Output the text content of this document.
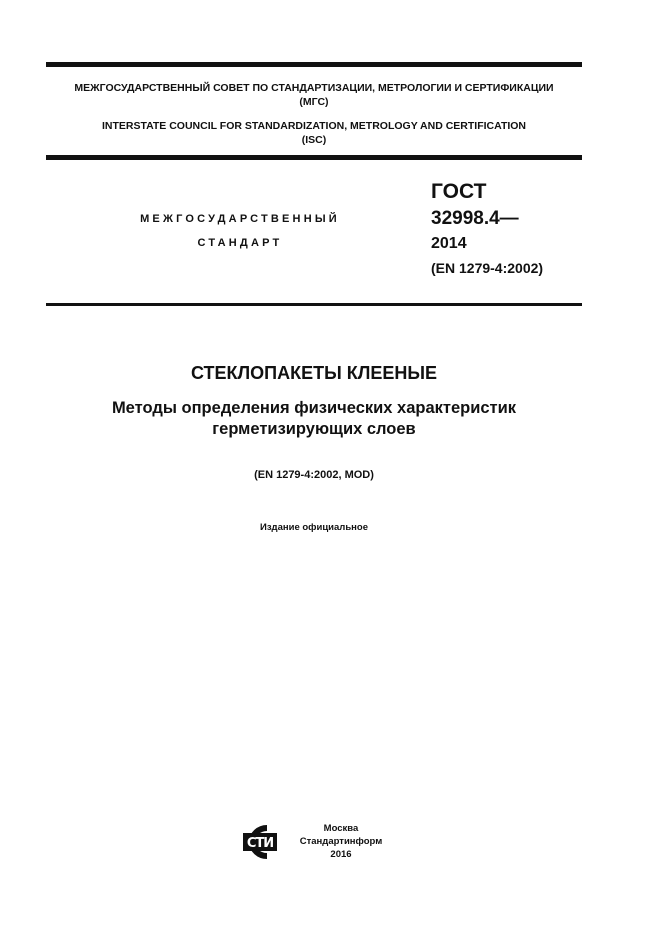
МЕЖГОСУДАРСТВЕННЫЙ СОВЕТ ПО СТАНДАРТИЗАЦИИ, МЕТРОЛОГИИ И СЕРТИФИКАЦИИ
(МГС)
INTERSTATE COUNCIL FOR STANDARDIZATION, METROLOGY AND CERTIFICATION
(ISC)
МЕЖГОСУДАРСТВЕННЫЙ
СТАНДАРТ
ГОСТ
32998.4—
2014
(EN 1279-4:2002)
СТЕКЛОПАКЕТЫ КЛЕЕНЫЕ
Методы определения физических характеристик
герметизирующих слоев
(EN 1279-4:2002, MOD)
Издание официальное
СТИ
Москва
Стандартинформ
2016
